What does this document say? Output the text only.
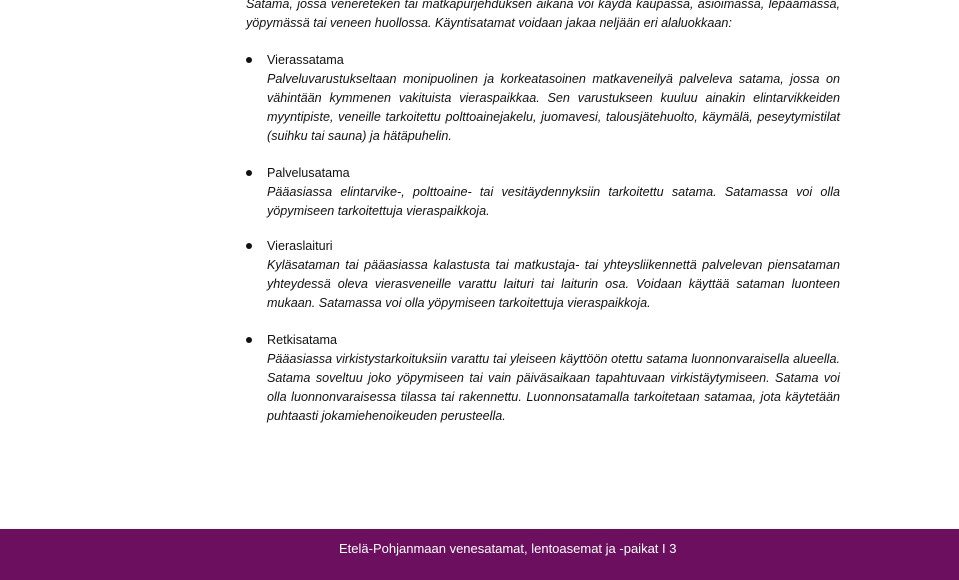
Satama, jossa venereteken tai matkapurjehduksen aikana voi käydä kaupassa, asioimassa, lepäämässä, yöpymässä tai veneen huollossa. Käyntisatamat voidaan jakaa neljään eri alaluokkaan:

Vierassatama

Palveluvarustukseltaan monipuolinen ja korkeatasoinen matkaveneilyä palveleva satama, jossa on vähintään kymmenen vakituista vieraspaikkaa. Sen varustukseen kuuluu ainakin elintarvikkeiden myyntipiste, veneille tarkoitettu polttoainejakelu, juomavesi, talousjätehuolto, käymälä, peseytymistilat (suihku tai sauna) ja hätäpuhelin.

Palvelusatama

Pääasiassa elintarvike-, polttoaine- tai vesitäydennyksiin tarkoitettu satama. Satamassa voi olla yöpymiseen tarkoitettuja vieraspaikkoja.

Vieraslaituri

Kyläsataman tai pääasiassa kalastusta tai matkustaja- tai yhteysliikennettä palvelevan piensataman yhteydessä oleva vierasveneille varattu laituri tai laiturin osa. Voidaan käyttää sataman luonteen mukaan. Satamassa voi olla yöpymiseen tarkoitettuja vieraspaikkoja.

Retkisatama

Pääasiassa virkistystarkoituksiin varattu tai yleiseen käyttöön otettu satama luonnonvaraisella alueella. Satama soveltuu joko yöpymiseen tai vain päiväsaikaan tapahtuvaan virkistäytymiseen. Satama voi olla luonnonvaraisessa tilassa tai rakennettu. Luonnonsatamalla tarkoitetaan satamaa, jota käytetään puhtaasti jokamiehenoikeuden perusteella.

Etelä-Pohjanmaan venesatamat, lentoasemat ja -paikat I 3
